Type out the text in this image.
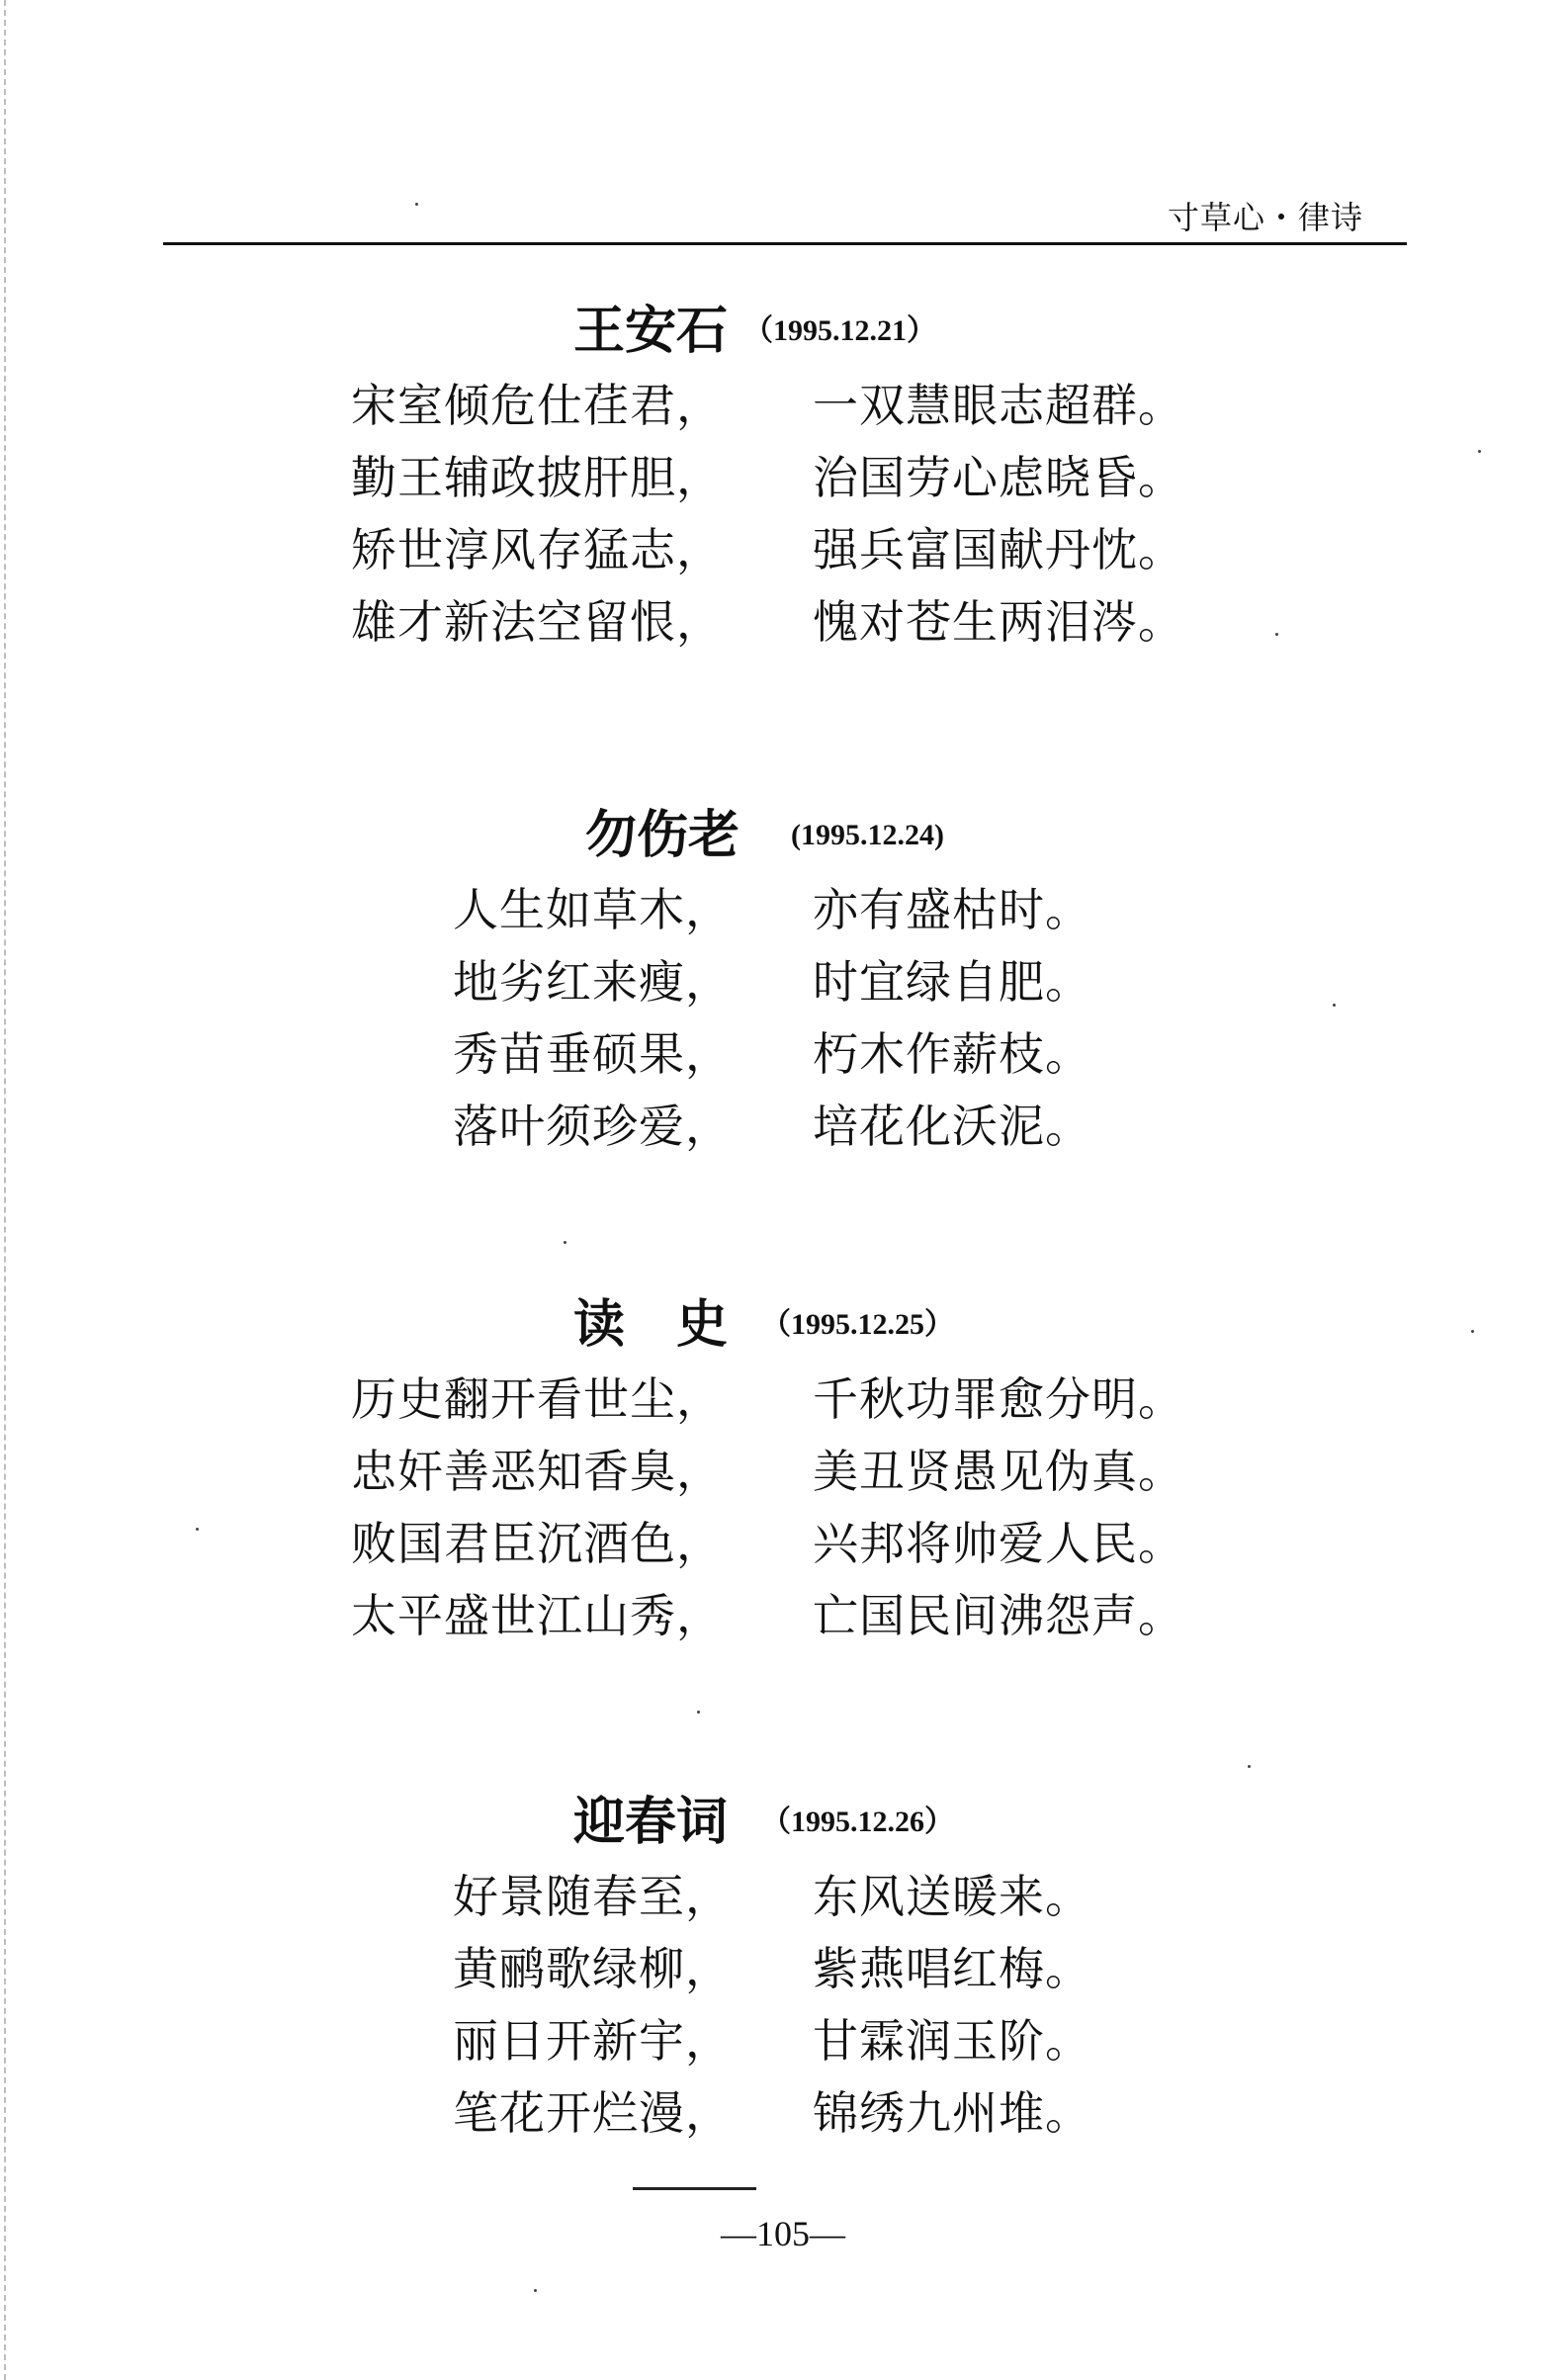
寸草心・律诗
王安石 （1995.12.21）
宋室倾危仕荏君， 一双慧眼志超群。
勤王辅政披肝胆， 治国劳心虑晓昏。
矫世淳风存猛志， 强兵富国献丹忱。
雄才新法空留恨， 愧对苍生两泪涔。
勿伤老 (1995.12.24)
人生如草木， 亦有盛枯时。
地劣红来瘦， 时宜绿自肥。
秀苗垂硕果， 朽木作薪枝。
落叶须珍爱， 培花化沃泥。
读　史 （1995.12.25）
历史翻开看世尘， 千秋功罪愈分明。
忠奸善恶知香臭， 美丑贤愚见伪真。
败国君臣沉酒色， 兴邦将帅爱人民。
太平盛世江山秀， 亡国民间沸怨声。
迎春词 （1995.12.26）
好景随春至， 东风送暖来。
黄鹂歌绿柳， 紫燕唱红梅。
丽日开新宇， 甘霖润玉阶。
笔花开烂漫， 锦绣九州堆。
—105—
